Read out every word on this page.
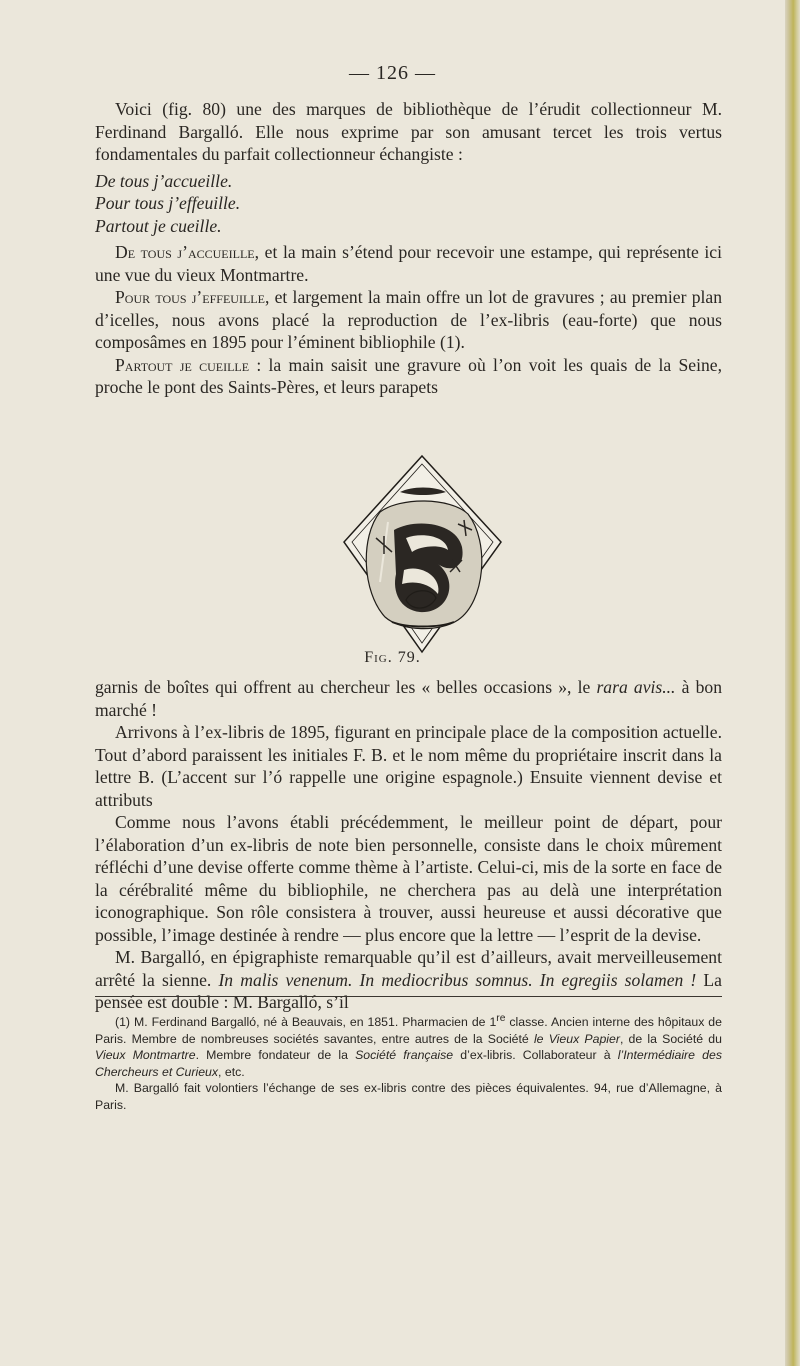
— 126 —

Voici (fig. 80) une des marques de bibliothèque de l’érudit collectionneur M. Ferdinand Bargalló. Elle nous exprime par son amusant tercet les trois vertus fondamentales du parfait collectionneur échangiste :

De tous j’accueille.

Pour tous j’effeuille.

Partout je cueille.

De tous j’accueille, et la main s’étend pour recevoir une estampe, qui représente ici une vue du vieux Montmartre.

Pour tous j’effeuille, et largement la main offre un lot de gravures ; au premier plan d’icelles, nous avons placé la reproduction de l’ex-libris (eau-forte) que nous composâmes en 1895 pour l’éminent bibliophile (1).

Partout je cueille : la main saisit une gravure où l’on voit les quais de la Seine, proche le pont des Saints-Pères, et leurs parapets

Fig. 79.

garnis de boîtes qui offrent au chercheur les « belles occasions », le rara avis... à bon marché !

Arrivons à l’ex-libris de 1895, figurant en principale place de la composition actuelle. Tout d’abord paraissent les initiales F. B. et le nom même du propriétaire inscrit dans la lettre B. (L’accent sur l’ó rappelle une origine espagnole.) Ensuite viennent devise et attributs

Comme nous l’avons établi précédemment, le meilleur point de départ, pour l’élaboration d’un ex-libris de note bien personnelle, consiste dans le choix mûrement réfléchi d’une devise offerte comme thème à l’artiste. Celui-ci, mis de la sorte en face de la cérébralité même du bibliophile, ne cherchera pas au delà une interprétation iconographique. Son rôle consistera à trouver, aussi heureuse et aussi décorative que possible, l’image destinée à rendre — plus encore que la lettre — l’esprit de la devise.

M. Bargalló, en épigraphiste remarquable qu’il est d’ailleurs, avait merveilleusement arrêté la sienne. In malis venenum. In mediocribus somnus. In egregiis solamen ! La pensée est double : M. Bargalló, s’il

(1) M. Ferdinand Bargalló, né à Beauvais, en 1851. Pharmacien de 1re classe. Ancien interne des hôpitaux de Paris. Membre de nombreuses sociétés savantes, entre autres de la Société le Vieux Papier, de la Société du Vieux Montmartre. Membre fondateur de la Société française d’ex-libris. Collaborateur à l’Intermédiaire des Chercheurs et Curieux, etc.

M. Bargalló fait volontiers l’échange de ses ex-libris contre des pièces équivalentes. 94, rue d’Allemagne, à Paris.
